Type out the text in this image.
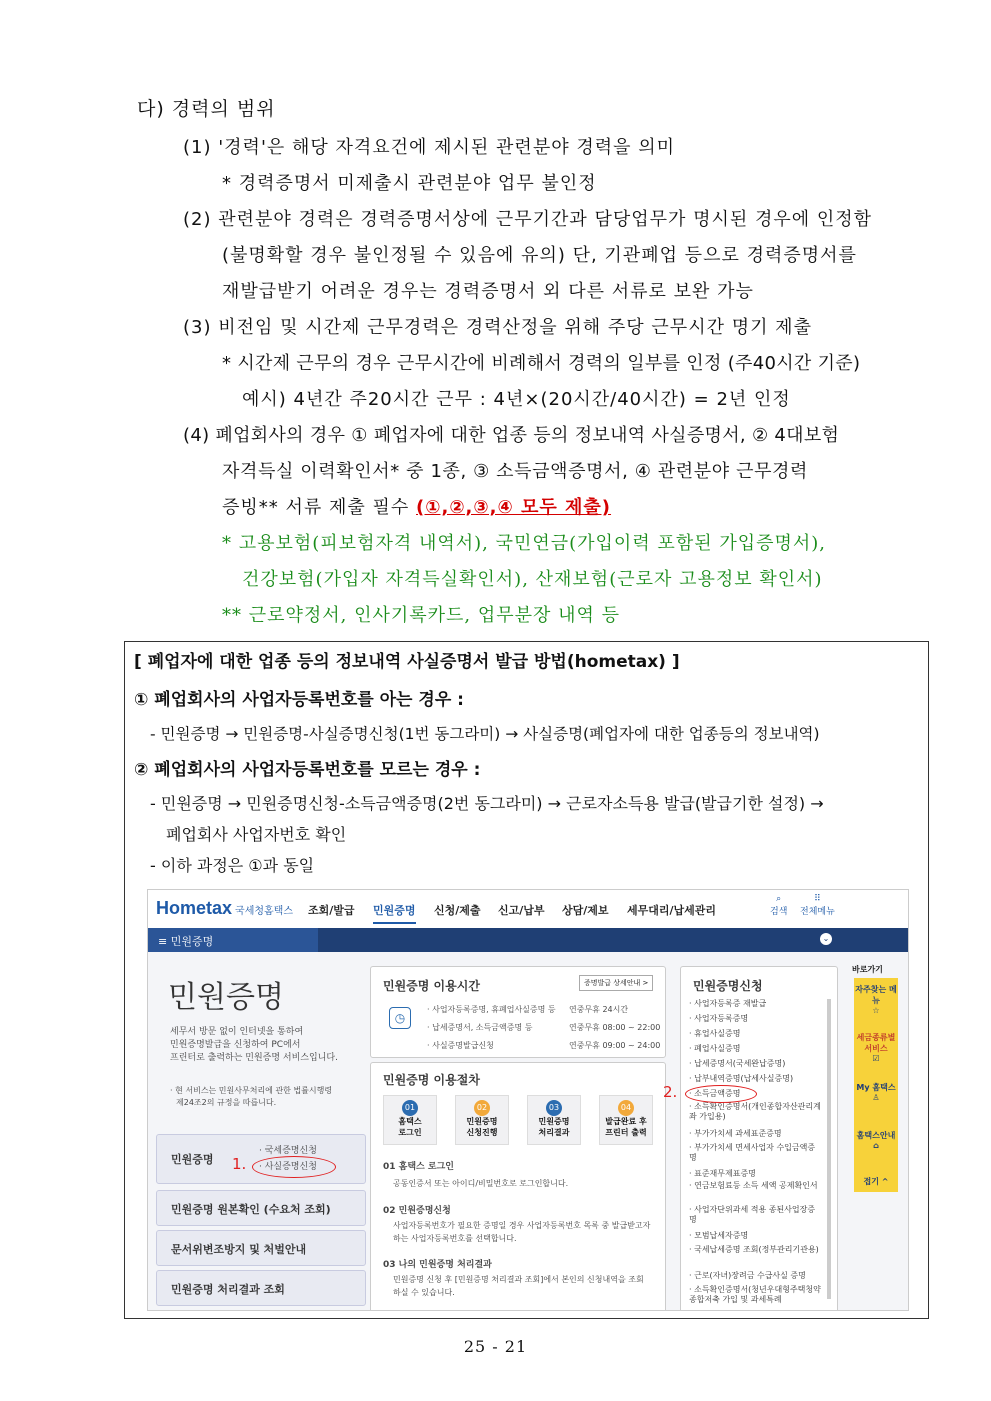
다) 경력의 범위
(1) '경력'은 해당 자격요건에 제시된 관련분야 경력을 의미
* 경력증명서 미제출시 관련분야 업무 불인정
(2) 관련분야 경력은 경력증명서상에 근무기간과 담당업무가 명시된 경우에 인정함
(불명확할 경우 불인정될 수 있음에 유의) 단, 기관폐업 등으로 경력증명서를
재발급받기 어려운 경우는 경력증명서 외 다른 서류로 보완 가능
(3) 비전임 및 시간제 근무경력은 경력산정을 위해 주당 근무시간 명기 제출
* 시간제 근무의 경우 근무시간에 비례해서 경력의 일부를 인정 (주40시간 기준)
예시) 4년간 주20시간 근무 : 4년×(20시간/40시간) = 2년 인정
(4) 폐업회사의 경우 ① 폐업자에 대한 업종 등의 정보내역 사실증명서, ② 4대보험
자격득실 이력확인서* 중 1종, ③ 소득금액증명서, ④ 관련분야 근무경력
증빙** 서류 제출 필수 (①,②,③,④ 모두 제출)
* 고용보험(피보험자격 내역서), 국민연금(가입이력 포함된 가입증명서),
건강보험(가입자 자격득실확인서), 산재보험(근로자 고용정보 확인서)
** 근로약정서, 인사기록카드, 업무분장 내역 등
[ 폐업자에 대한 업종 등의 정보내역 사실증명서 발급 방법(hometax) ]
① 폐업회사의 사업자등록번호를 아는 경우 :
- 민원증명 → 민원증명-사실증명신청(1번 동그라미) → 사실증명(폐업자에 대한 업종등의 정보내역)
② 폐업회사의 사업자등록번호를 모르는 경우 :
- 민원증명 → 민원증명신청-소득금액증명(2번 동그라미) → 근로자소득용 발급(발급기한 설정) →
폐업회사 사업자번호 확인
- 이하 과정은 ①과 동일
Hometax 국세청홈택스 조회/발급 민원증명 신청/제출 신고/납부 상담/제보 세무대리/납세관리
⌕
검색
⠿
전체메뉴
≡ 민원증명	⌄
민원증명
세무서 방문 없이 인터넷을 통하여
민원증명발급을 신청하여 PC에서
프린터로 출력하는 민원증명 서비스입니다.
· 현 서비스는 민원사무처리에 관한 법률시행령
제24조2의 규정을 따릅니다.
민원증명
· 국세증명신청
· 사실증명신청
민원증명 원본확인 (수요처 조회)
문서위변조방지 및 처벌안내
민원증명 처리결과 조회
1.
민원증명 이용시간	증명발급 상세안내 >
◷
· 사업자등록증명, 휴폐업사실증명 등 연중무휴 24시간
· 납세증명서, 소득금액증명 등	연중무휴 08:00 ~ 22:00
· 사실증명발급신청	연중무휴 09:00 ~ 24:00
민원증명 이용절차
01
홈택스
로그인
02
민원증명
신청진행
03
민원증명
처리결과
04
발급완료 후
프린터 출력
01 홈택스 로그인
공동인증서 또는 아이디/비밀번호로 로그인합니다.
02 민원증명신청
사업자등록번호가 필요한 증명일 경우 사업자등록번호 목록 중 발급받고자
하는 사업자등록번호를 선택합니다.
03 나의 민원증명 처리결과
민원증명 신청 후 [민원증명 처리결과 조회]에서 본인의 신청내역을 조회
하실 수 있습니다.
민원증명신청
· 사업자등록증 재발급
· 사업자등록증명
· 휴업사실증명
· 폐업사실증명
· 납세증명서(국세완납증명)
· 납부내역증명(납세사실증명)
· 소득금액증명
· 소득확인증명서(개인종합자산관리계좌 가입용)
· 부가가치세 과세표준증명
· 부가가치세 면세사업자 수입금액증명
· 표준재무제표증명
· 연금보험료등 소득 세액 공제확인서
· 사업자단위과세 적용 종된사업장증명
· 모범납세자증명
· 국세납세증명 조회(정부관리기관용)
· 근로(자녀)장려금 수급사실 증명
· 소득확인증명서(청년우대형주택청약종합저축 가입 및 과세특례
2.
바로가기
자주찾는 메뉴
☆
세금종류별 서비스
☑
My 홈택스
♙
홈택스안내
⌂
접기 ^
25 - 21
